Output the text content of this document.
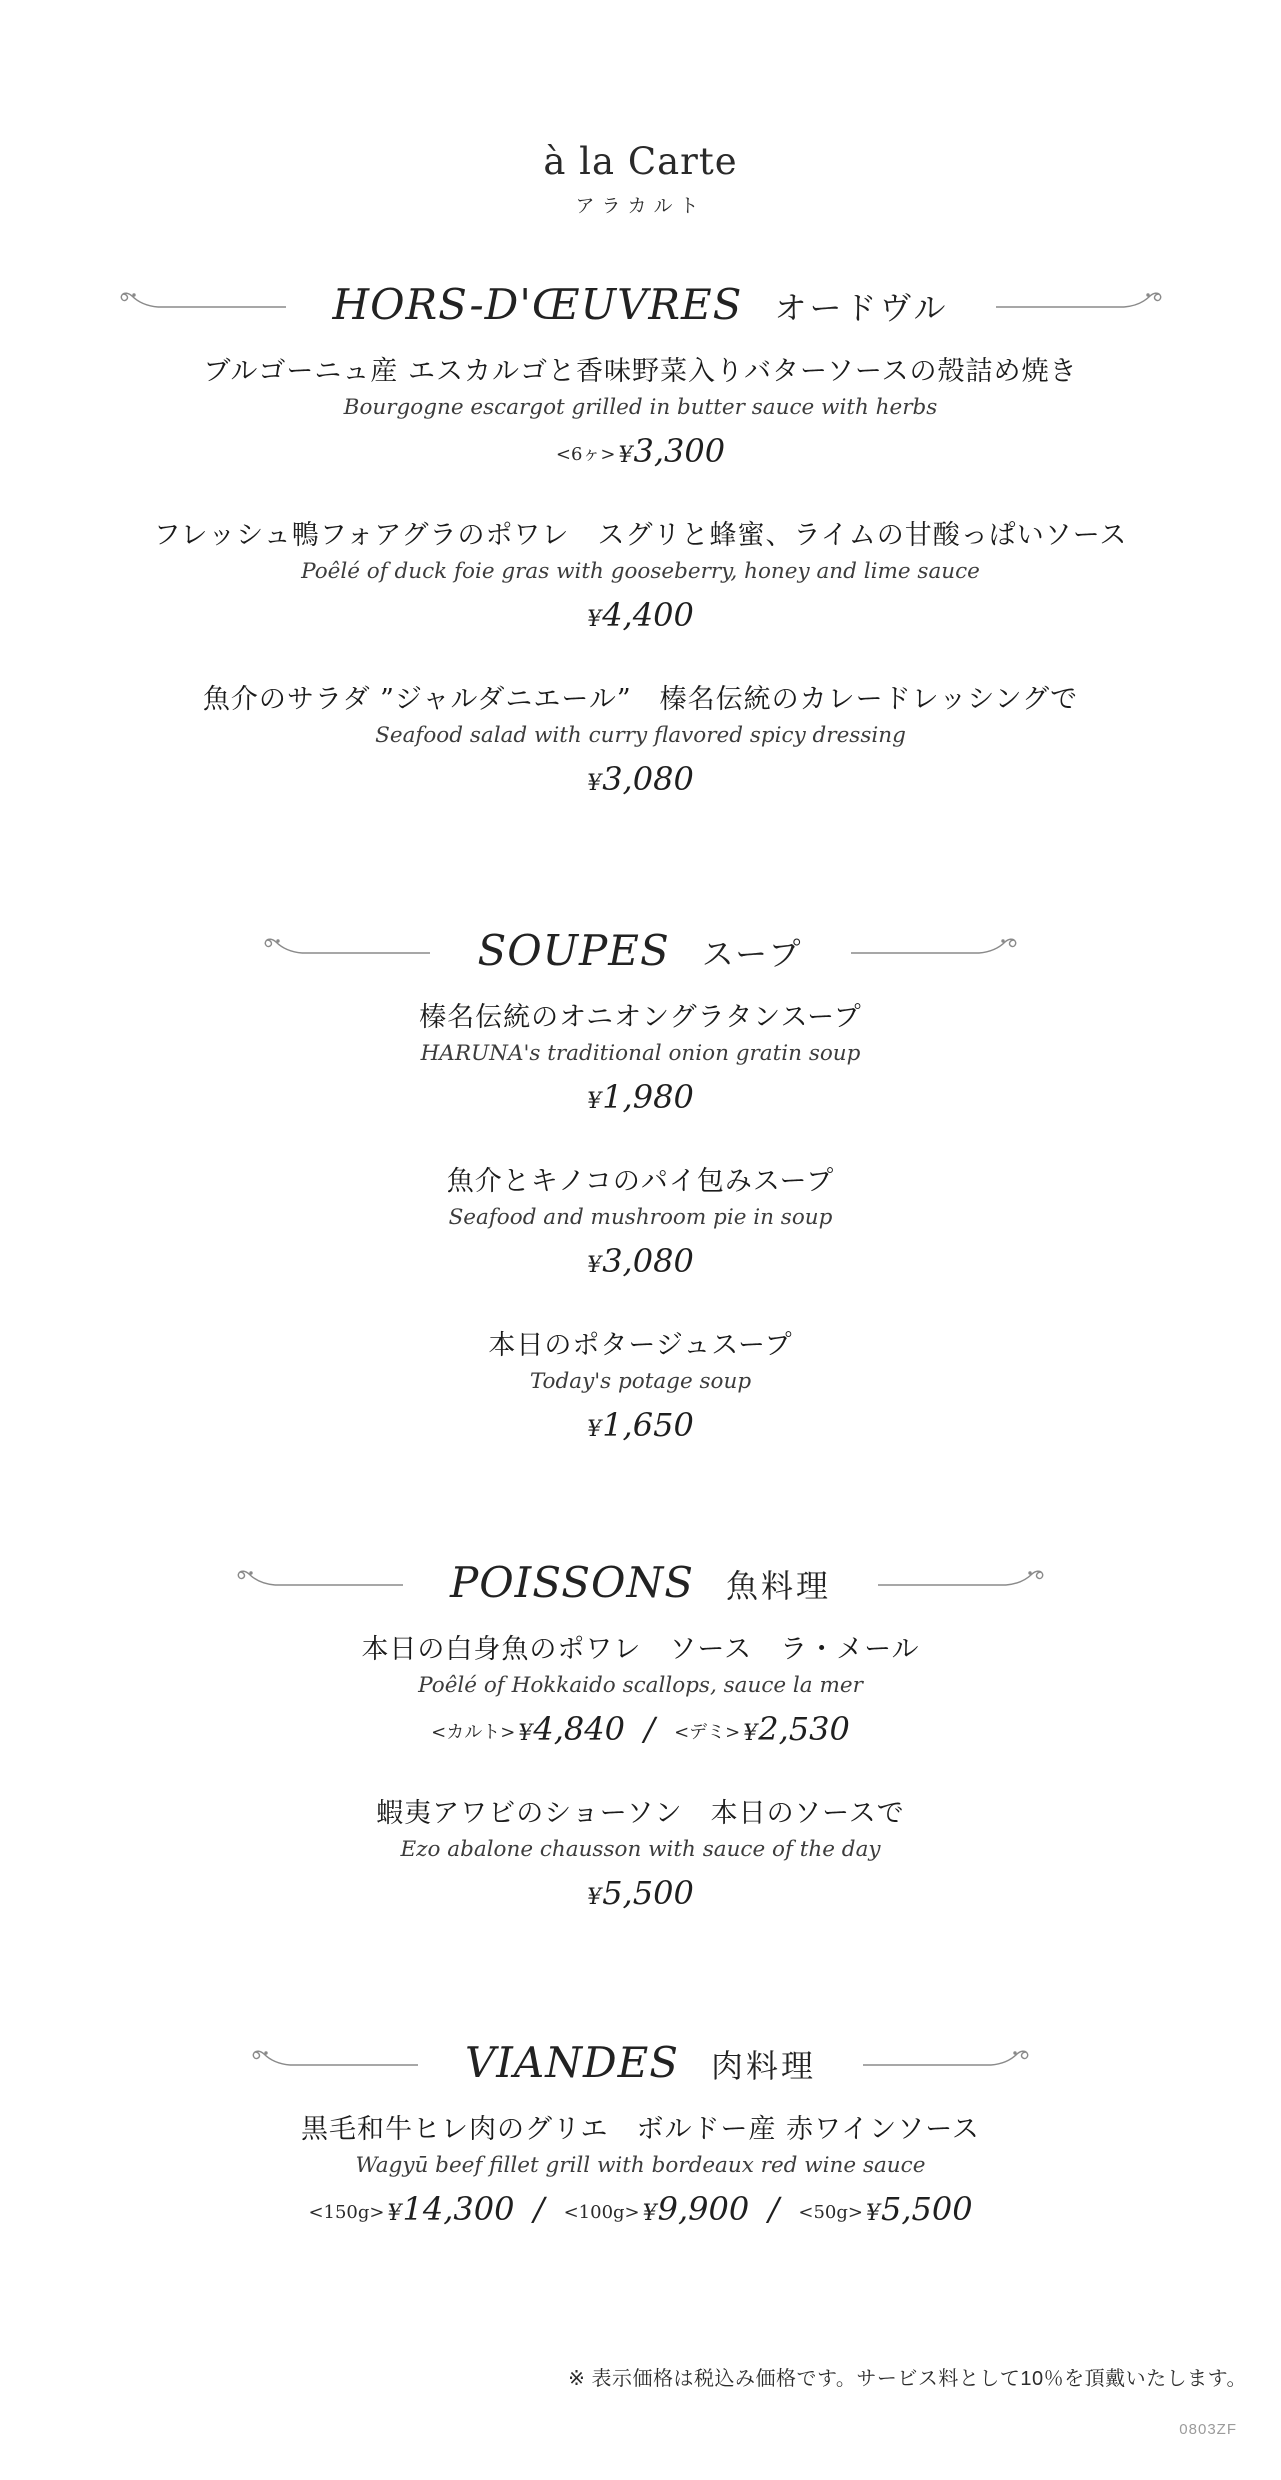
à la Carte
アラカルト
HORS-D'ŒUVRES オードヴル
ブルゴーニュ産 エスカルゴと香味野菜入りバターソースの殻詰め焼き
Bourgogne escargot grilled in butter sauce with herbs
<6ヶ> ¥3,300
フレッシュ鴨フォアグラのポワレ　スグリと蜂蜜、ライムの甘酸っぱいソース
Poêlé of duck foie gras with gooseberry, honey and lime sauce
¥4,400
魚介のサラダ ”ジャルダニエール”　榛名伝統のカレードレッシングで
Seafood salad with curry flavored spicy dressing
¥3,080
SOUPES スープ
榛名伝統のオニオングラタンスープ
HARUNA's traditional onion gratin soup
¥1,980
魚介とキノコのパイ包みスープ
Seafood and mushroom pie in soup
¥3,080
本日のポタージュスープ
Today's potage soup
¥1,650
POISSONS 魚料理
本日の白身魚のポワレ　ソース　ラ・メール
Poêlé of Hokkaido scallops, sauce la mer
<カルト> ¥4,840 / <デミ> ¥2,530
蝦夷アワビのショーソン　本日のソースで
Ezo abalone chausson with sauce of the day
¥5,500
VIANDES 肉料理
黒毛和牛ヒレ肉のグリエ　ボルドー産 赤ワインソース
Wagyū beef fillet grill with bordeaux red wine sauce
<150g> ¥14,300 / <100g> ¥9,900 / <50g> ¥5,500
※ 表示価格は税込み価格です。サービス料として10％を頂戴いたします。
0803ZF
